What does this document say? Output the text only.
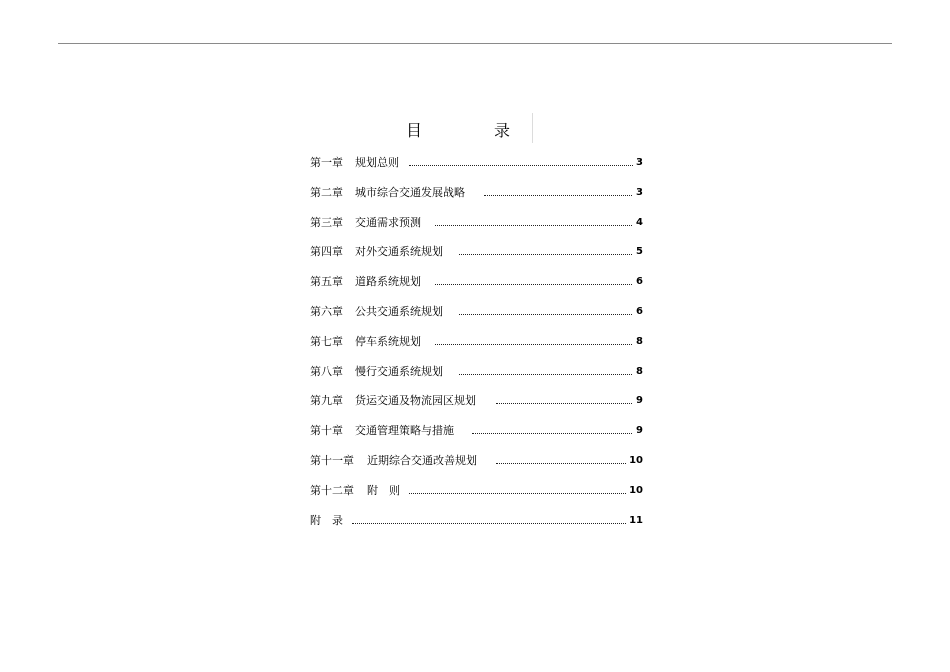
目	录
第一章 规划总则	3
第二章 城市综合交通发展战略	3
第三章 交通需求预测	4
第四章 对外交通系统规划	5
第五章 道路系统规划	6
第六章 公共交通系统规划	6
第七章 停车系统规划	8
第八章 慢行交通系统规划	8
第九章 货运交通及物流园区规划	9
第十章 交通管理策略与措施	9
第十一章 近期综合交通改善规划	10
第十二章 附　则	10
附　录	11
